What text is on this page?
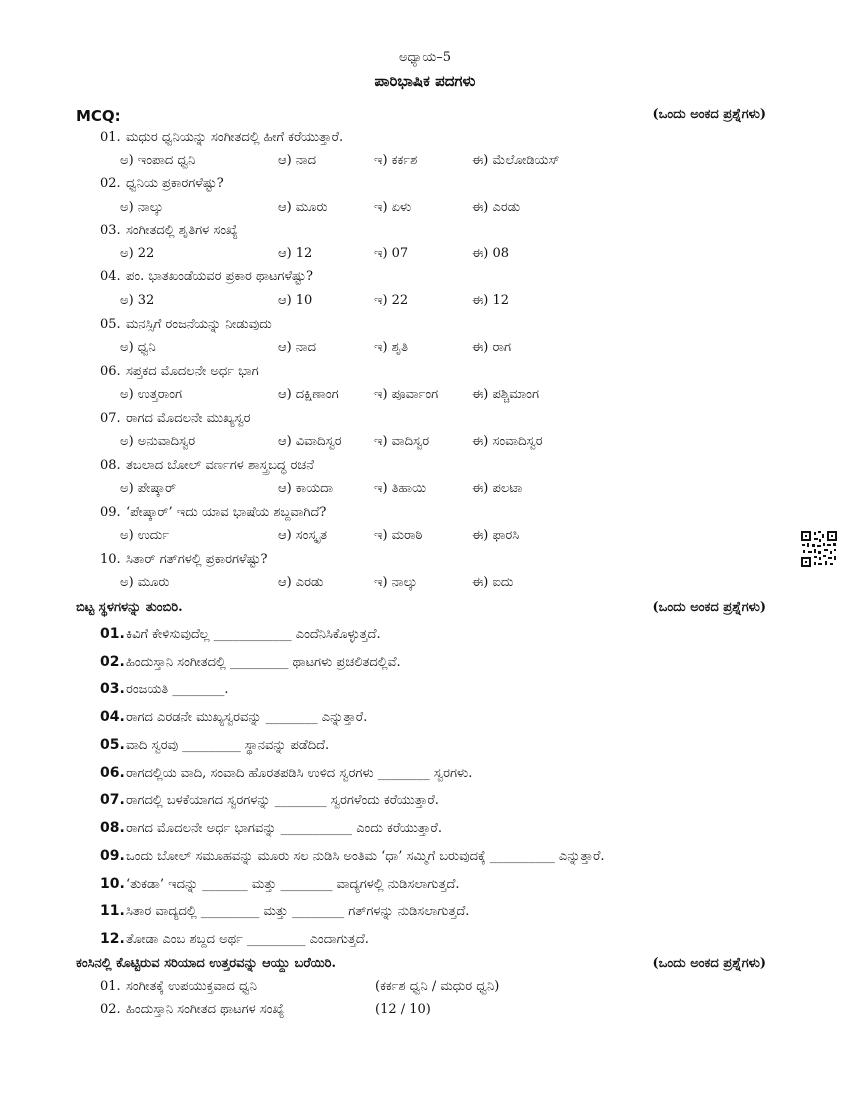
ಅಧ್ಯಾಯ–5
ಪಾರಿಭಾಷಿಕ ಪದಗಳು
MCQ:	(ಒಂದು ಅಂಕದ ಪ್ರಶ್ನೆಗಳು)
01. ಮಧುರ ಧ್ವನಿಯನ್ನು ಸಂಗೀತದಲ್ಲಿ ಹೀಗೆ ಕರೆಯುತ್ತಾರೆ.
ಅ) ಇಂಪಾದ ಧ್ವನಿ	ಆ) ನಾದ	ಇ) ಕರ್ಕಶ	ಈ) ಮೆಲೋಡಿಯಸ್
02. ಧ್ವನಿಯ ಪ್ರಕಾರಗಳೆಷ್ಟು?
ಅ) ನಾಲ್ಕು	ಆ) ಮೂರು	ಇ) ಏಳು	ಈ) ಎರಡು
03. ಸಂಗೀತದಲ್ಲಿ ಶೃತಿಗಳ ಸಂಖ್ಯೆ
ಅ) 22	ಆ) 12	ಇ) 07	ಈ) 08
04. ಪಂ. ಭಾತಖಂಡೆಯವರ ಪ್ರಕಾರ ಥಾಟಗಳೆಷ್ಟು?
ಅ) 32	ಆ) 10	ಇ) 22	ಈ) 12
05. ಮನಸ್ಸಿಗೆ ರಂಜನೆಯನ್ನು ನೀಡುವುದು
ಅ) ಧ್ವನಿ	ಆ) ನಾದ	ಇ) ಶೃತಿ	ಈ) ರಾಗ
06. ಸಪ್ತಕದ ಮೊದಲನೇ ಅರ್ಧ ಭಾಗ
ಅ) ಉತ್ತರಾಂಗ	ಆ) ದಕ್ಷಿಣಾಂಗ	ಇ) ಪೂರ್ವಾಂಗ	ಈ) ಪಶ್ಚಿಮಾಂಗ
07. ರಾಗದ ಮೊದಲನೇ ಮುಖ್ಯಸ್ವರ
ಅ) ಅನುವಾದಿಸ್ವರ	ಆ) ವಿವಾದಿಸ್ವರ ಇ) ವಾದಿಸ್ವರ	ಈ) ಸಂವಾದಿಸ್ವರ
08. ತಬಲಾದ ಬೋಲ್ ವರ್ಣಗಳ ಶಾಸ್ತ್ರಬದ್ಧ ರಚನೆ
ಅ) ಪೇಷ್ಕಾರ್	ಆ) ಕಾಯದಾ	ಇ) ತಿಹಾಯಿ	ಈ) ಪಲಟಾ
09. ‘ಪೇಷ್ಕಾರ್’ ಇದು ಯಾವ ಭಾಷೆಯ ಶಬ್ದವಾಗಿದೆ?
ಅ) ಉರ್ದು	ಆ) ಸಂಸ್ಕೃತ	ಇ) ಮರಾಠಿ	ಈ) ಫಾರಸಿ
10. ಸಿತಾರ್ ಗತ್‌ಗಳಲ್ಲಿ ಪ್ರಕಾರಗಳೆಷ್ಟು?
ಅ) ಮೂರು	ಆ) ಎರಡು	ಇ) ನಾಲ್ಕು	ಈ) ಐದು
ಬಿಟ್ಟ ಸ್ಥಳಗಳನ್ನು ತುಂಬಿರಿ.	(ಒಂದು ಅಂಕದ ಪ್ರಶ್ನೆಗಳು)
01.ಕಿವಿಗೆ ಕೇಳಿಸುವುದೆಲ್ಲ ____________ ಎಂದೆನಿಸಿಕೊಳ್ಳುತ್ತದೆ.
02.ಹಿಂದುಸ್ತಾನಿ ಸಂಗೀತದಲ್ಲಿ _________ ಥಾಟಗಳು ಪ್ರಚಲಿತದಲ್ಲಿವೆ.
03.ರಂಜಯತಿ ________.
04.ರಾಗದ ಎರಡನೇ ಮುಖ್ಯಸ್ವರವನ್ನು ________ ಎನ್ನುತ್ತಾರೆ.
05.ವಾದಿ ಸ್ವರವು _________ ಸ್ಥಾನವನ್ನು ಪಡೆದಿದೆ.
06.ರಾಗದಲ್ಲಿಯ ವಾದಿ, ಸಂವಾದಿ ಹೊರತಪಡಿಸಿ ಉಳಿದ ಸ್ವರಗಳು ________ ಸ್ವರಗಳು.
07.ರಾಗದಲ್ಲಿ ಬಳಕೆಯಾಗದ ಸ್ವರಗಳನ್ನು ________ ಸ್ವರಗಳೆಂದು ಕರೆಯುತ್ತಾರೆ.
08.ರಾಗದ ಮೊದಲನೇ ಅರ್ಧ ಭಾಗವನ್ನು ___________ ಎಂದು ಕರೆಯುತ್ತಾರೆ.
09.ಒಂದು ಬೋಲ್ ಸಮೂಹವನ್ನು ಮೂರು ಸಲ ನುಡಿಸಿ ಅಂತಿಮ ‘ಧಾ’ ಸಮ್ಮಿಗೆ ಬರುವುದಕ್ಕೆ __________ ಎನ್ನುತ್ತಾರೆ.
10.‘ತುಕಡಾ’ ಇದನ್ನು _______ ಮತ್ತು ________ ವಾದ್ಯಗಳಲ್ಲಿ ನುಡಿಸಲಾಗುತ್ತದೆ.
11.ಸಿತಾರ ವಾದ್ಯದಲ್ಲಿ _________ ಮತ್ತು ________ ಗತ್‌ಗಳನ್ನು ನುಡಿಸಲಾಗುತ್ತದೆ.
12.ತೋಡಾ ಎಂಬ ಶಬ್ದದ ಅರ್ಥ _________ ಎಂದಾಗುತ್ತದೆ.
ಕಂಸಿನಲ್ಲಿ ಕೊಟ್ಟಿರುವ ಸರಿಯಾದ ಉತ್ತರವನ್ನು ಆಯ್ದು ಬರೆಯಿರಿ.	(ಒಂದು ಅಂಕದ ಪ್ರಶ್ನೆಗಳು)
01. ಸಂಗೀತಕ್ಕೆ ಉಪಯುಕ್ತವಾದ ಧ್ವನಿ	(ಕರ್ಕಶ ಧ್ವನಿ / ಮಧುರ ಧ್ವನಿ)
02. ಹಿಂದುಸ್ತಾನಿ ಸಂಗೀತದ ಥಾಟಗಳ ಸಂಖ್ಯೆ	(12 / 10)
